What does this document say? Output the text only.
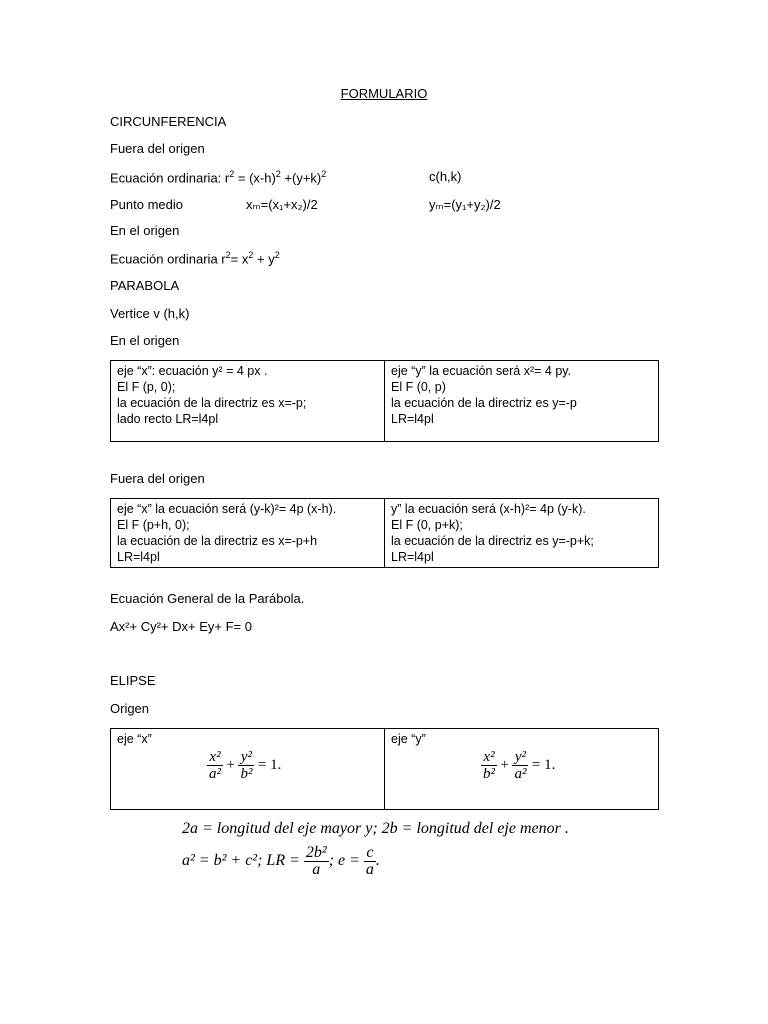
FORMULARIO
CIRCUNFERENCIA
Fuera del origen
Ecuación ordinaria: $r^2 = (x-h)^2 +(y+k)^2$	c(h,k)
Punto medio	xₘ=(x₁+x₂)/2	yₘ=(y₁+y₂)/2
En el origen
Ecuación ordinaria $r^2= x^2 + y^2$
PARABOLA
Vertice v (h,k)
En el origen
eje “x”: ecuación y² = 4 px .
El F (p, 0);
la ecuación de la directriz es x=-p;
lado recto LR=l4pl

eje “y” la ecuación será x²= 4 py.
El F (0, p)
la ecuación de la directriz es y=-p
LR=l4pl
Fuera del origen
eje “x” la ecuación será (y-k)²= 4p (x-h).
El F (p+h, 0);
la ecuación de la directriz es x=-p+h
LR=l4pl

y” la ecuación será (x-h)²= 4p (y-k).
El F (0, p+k);
la ecuación de la directriz es y=-p+k;
LR=l4pl
Ecuación General de la Parábola.
Ax²+ Cy²+ Dx+ Ey+ F= 0
ELIPSE
Origen
eje “x”
$\frac{\text{x²}}{\text{a²}} + \frac{\text{y²}}{\text{b²}} = 1$.

eje “y”
$\frac{\text{x²}}{\text{b²}} + \frac{\text{y²}}{\text{a²}} = 1$.
2a = longitud del eje mayor y; 2b = longitud del eje menor .
a² = b² + c²; LR = $\frac{\text{2b²}}{a}$ ; $e = \frac{c}{a}$ .
